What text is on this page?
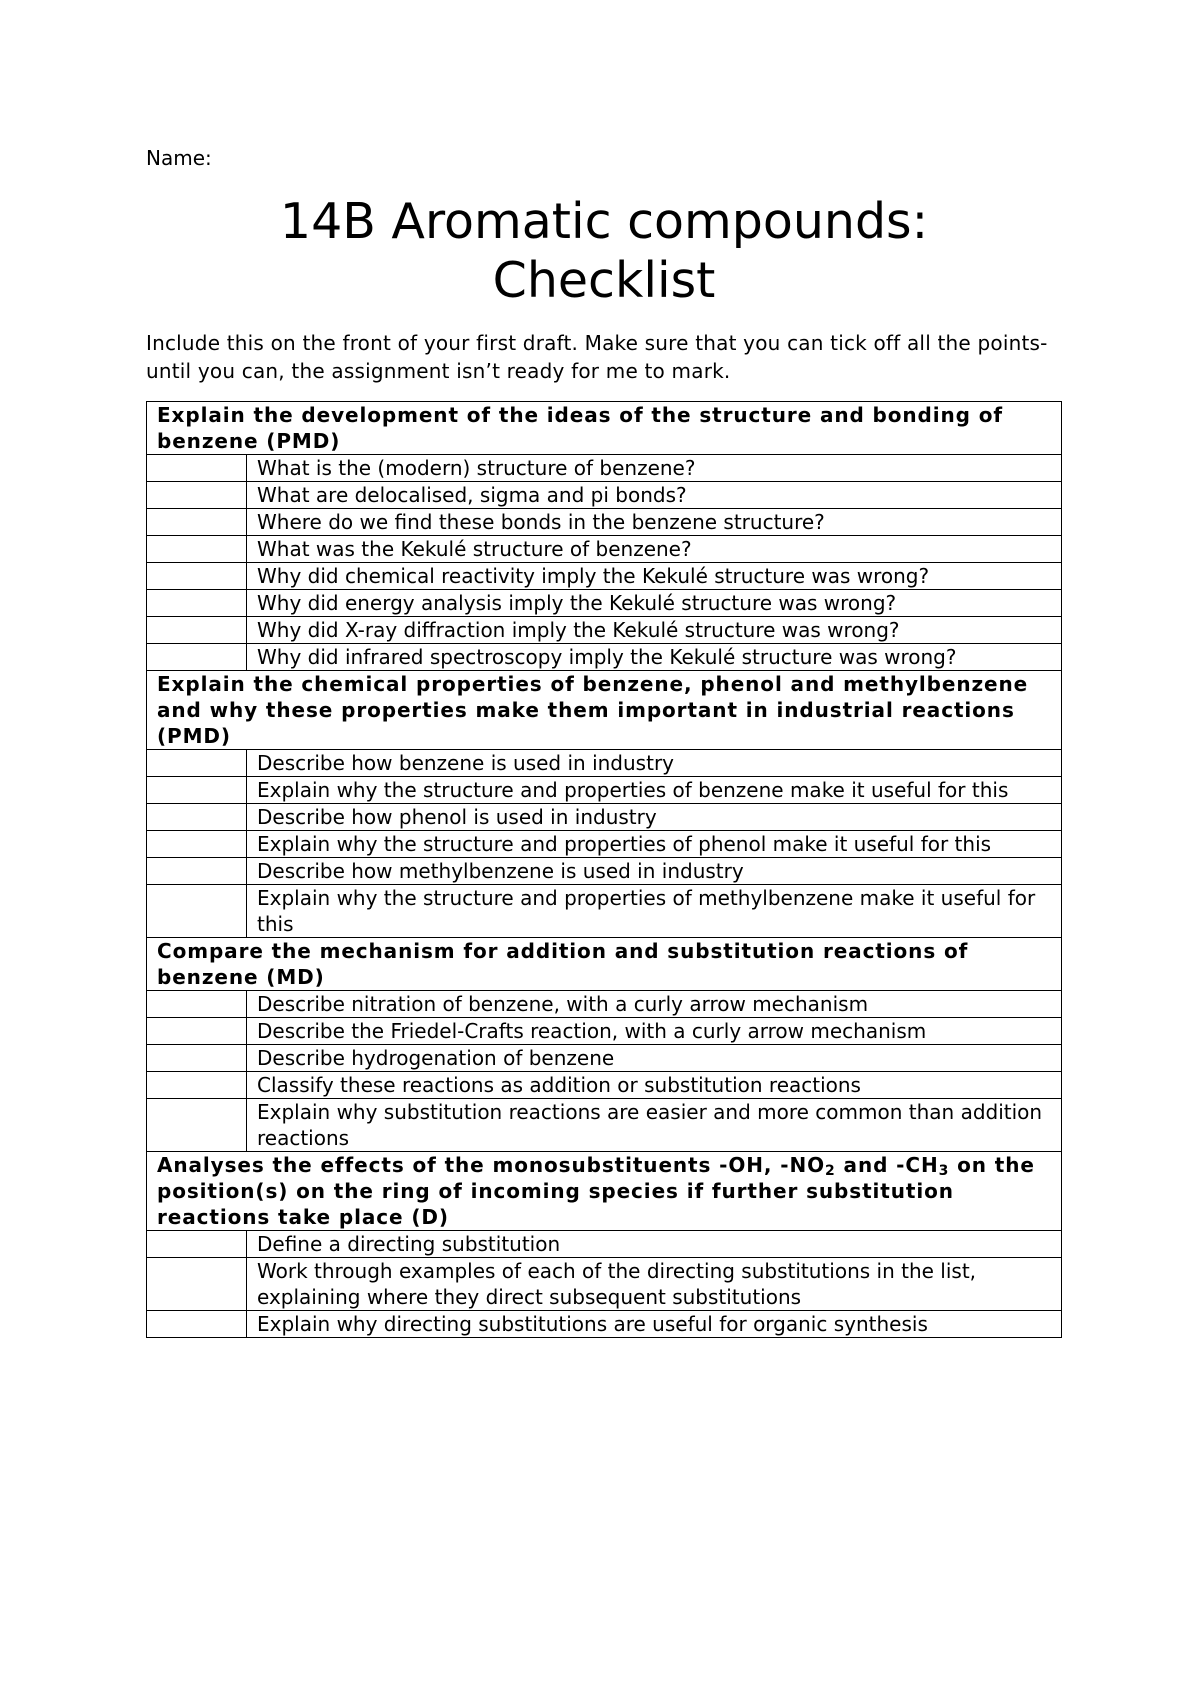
Name:
14B Aromatic compounds:
Checklist
Include this on the front of your first draft. Make sure that you can tick off all the points- until you can, the assignment isn’t ready for me to mark.
Explain the development of the ideas of the structure and bonding of benzene (PMD)	
	What is the (modern) structure of benzene?
	What are delocalised, sigma and pi bonds?
	Where do we find these bonds in the benzene structure?
	What was the Kekulé structure of benzene?
	Why did chemical reactivity imply the Kekulé structure was wrong?
	Why did energy analysis imply the Kekulé structure was wrong?
	Why did X-ray diffraction imply the Kekulé structure was wrong?
	Why did infrared spectroscopy imply the Kekulé structure was wrong?
Explain the chemical properties of benzene, phenol and methylbenzene and why these properties make them important in industrial reactions (PMD)	
	Describe how benzene is used in industry
	Explain why the structure and properties of benzene make it useful for this
	Describe how phenol is used in industry
	Explain why the structure and properties of phenol make it useful for this
	Describe how methylbenzene is used in industry
	Explain why the structure and properties of methylbenzene make it useful for this
Compare the mechanism for addition and substitution reactions of benzene (MD)	
	Describe nitration of benzene, with a curly arrow mechanism
	Describe the Friedel-Crafts reaction, with a curly arrow mechanism
	Describe hydrogenation of benzene
	Classify these reactions as addition or substitution reactions
	Explain why substitution reactions are easier and more common than addition reactions
Analyses the effects of the monosubstituents -OH, $-NO_2$ and $-CH_3$ on the position(s) on the ring of incoming species if further substitution reactions take place (D)	
	Define a directing substitution
	Work through examples of each of the directing substitutions in the list, explaining where they direct subsequent substitutions
	Explain why directing substitutions are useful for organic synthesis
